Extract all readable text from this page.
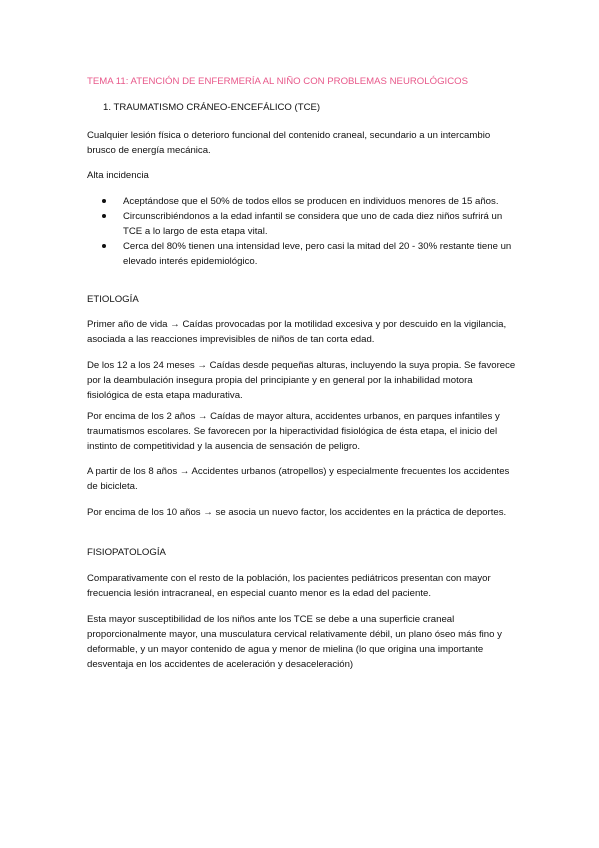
TEMA 11: ATENCIÓN DE ENFERMERÍA AL NIÑO CON PROBLEMAS NEUROLÓGICOS

1. TRAUMATISMO CRÁNEO-ENCEFÁLICO (TCE)

Cualquier lesión física o deterioro funcional del contenido craneal, secundario a un intercambio brusco de energía mecánica.

Alta incidencia

Aceptándose que el 50% de todos ellos se producen en individuos menores de 15 años.
Circunscribiéndonos a la edad infantil se considera que uno de cada diez niños sufrirá un TCE a lo largo de esta etapa vital.
Cerca del 80% tienen una intensidad leve, pero casi la mitad del 20 - 30% restante tiene un elevado interés epidemiológico.

ETIOLOGÍA

Primer año de vida → Caídas provocadas por la motilidad excesiva y por descuido en la vigilancia, asociada a las reacciones imprevisibles de niños de tan corta edad.

De los 12 a los 24 meses → Caídas desde pequeñas alturas, incluyendo la suya propia. Se favorece por la deambulación insegura propia del principiante y en general por la inhabilidad motora fisiológica de esta etapa madurativa.

Por encima de los 2 años → Caídas de mayor altura, accidentes urbanos, en parques infantiles y traumatismos escolares. Se favorecen por la hiperactividad fisiológica de ésta etapa, el inicio del instinto de competitividad y la ausencia de sensación de peligro.

A partir de los 8 años → Accidentes urbanos (atropellos) y especialmente frecuentes los accidentes de bicicleta.

Por encima de los 10 años → se asocia un nuevo factor, los accidentes en la práctica de deportes.

FISIOPATOLOGÍA

Comparativamente con el resto de la población, los pacientes pediátricos presentan con mayor frecuencia lesión intracraneal, en especial cuanto menor es la edad del paciente.

Esta mayor susceptibilidad de los niños ante los TCE se debe a una superficie craneal proporcionalmente mayor, una musculatura cervical relativamente débil, un plano óseo más fino y deformable, y un mayor contenido de agua y menor de mielina (lo que origina una importante desventaja en los accidentes de aceleración y desaceleración)
